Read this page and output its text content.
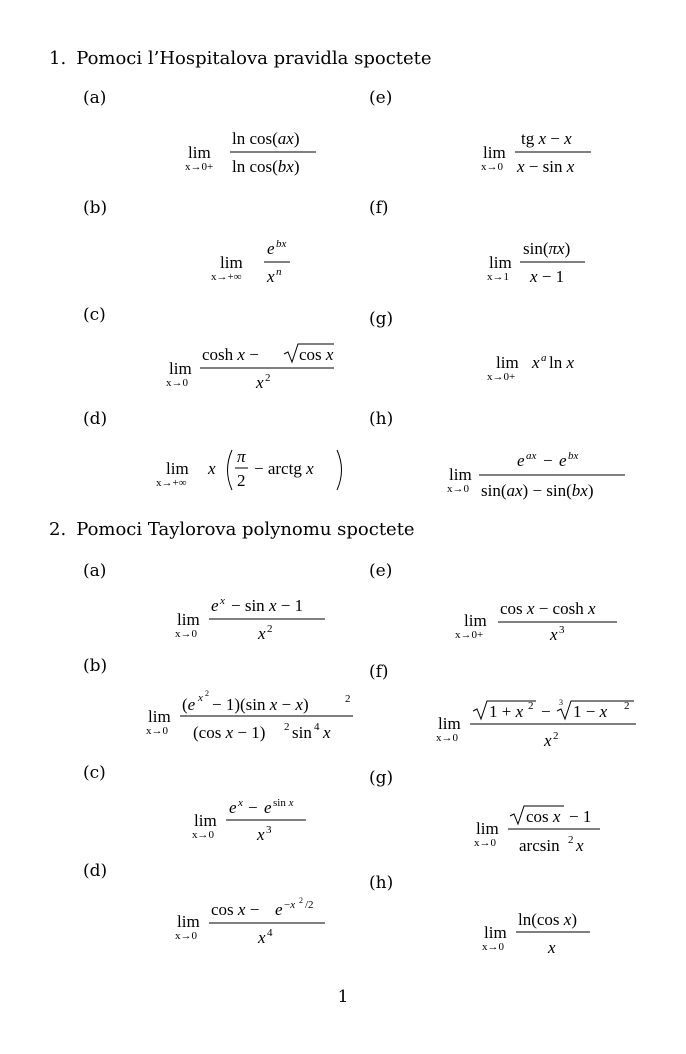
1. Pomoci l’Hospitalova pravidla spoctete
(a)
(b)
(c)
(d)
(e)
(f)
(g)
(h)
lim
x→0+
ln cos(ax)
ln cos(bx)
lim
x→0
tg x − x
x − sin x
lim
x→+∞
e bx
x n	lim
x→1
sin(πx)
x − 1
lim
x→0
cosh x − cos x
x 2
lim
x→0+
x a ln x
lim
x→+∞
x
π
2
− arctg x	lim
x→0
e ax − e bx
sin(ax) − sin(bx)
2. Pomoci Taylorova polynomu spoctete
(a)
(b)
(c)
(d)
(e)
(f)
(g)
(h)
lim
x→0
e x − sin x − 1
x 2	lim
x→0+
cos x − cosh x
x 3
lim
x→0
(e x 2
− 1)(sin x − x)	2
(cos x − 1) 2 sin 4 x	lim
x→0
1 + x 2 − 3 1 − x 2
x 2
lim
x→0
e x − e sin x
x 3	lim
x→0
cos x − 1
arcsin 2 x
lim
x→0
cos x − e −x 2 /2
x 4	lim
x→0
ln(cos x)
x
1
